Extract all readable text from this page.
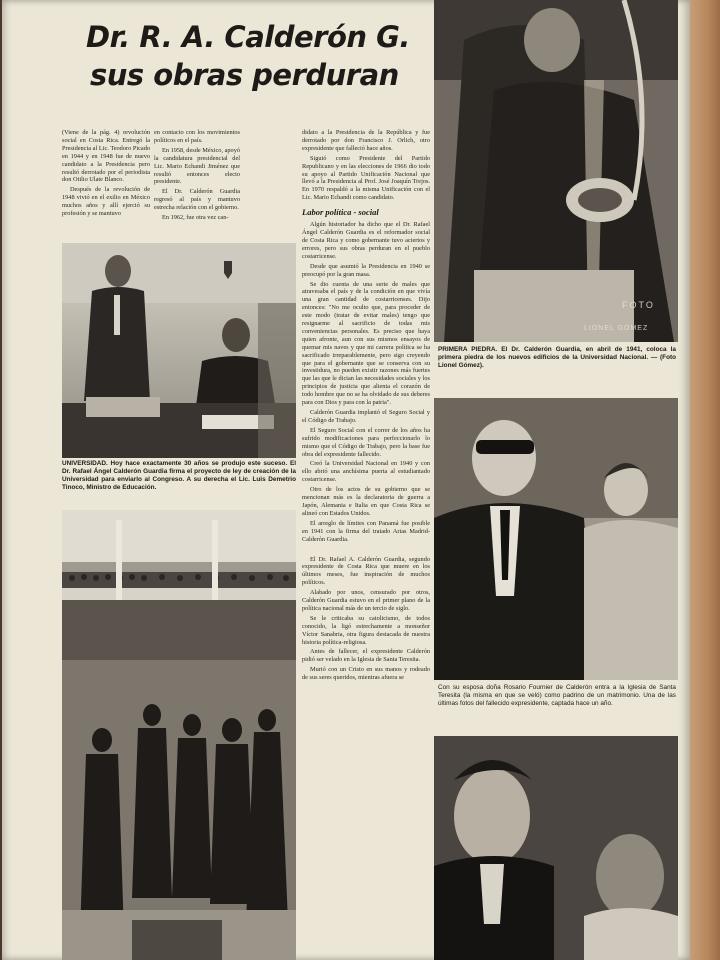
Dr. R. A. Calderón G.
sus obras perduran

(Viene de la pág. 4) revolución social en Costa Rica. Entregó la Presidencia al Lic. Teodoro Picado en 1944 y en 1948 fue de nuevo candidato a la Presidencia pero resultó derrotado por el periodista don Otilio Ulate Blanco.

Después de la revolución de 1948 vivió en el exilio en México muchos años y allí ejerció su profesión y se mantuvo

en contacto con los movimientos políticos en el país.

En 1958, desde México, apoyó la candidatura presidencial del Lic. Mario Echandi Jiménez que resultó entonces electo presidente.

El Dr. Calderón Guardia regresó al país y mantuvo estrecha relación con el gobierno.

En 1962, fue otra vez can-

didato a la Presidencia de la República y fue derrotado por don Francisco J. Orlich, otro expresidente que falleció hace años.

Siguió como Presidente del Partido Republicano y en las elecciones de 1966 dio todo su apoyo al Partido Unificación Nacional que llevó a la Presidencia al Prof. José Joaquín Trejos. En 1970 respaldó a la misma Unificación con el Lic. Mario Echandi como candidato.

Labor política - social

Algún historiador ha dicho que el Dr. Rafael Ángel Calderón Guardia es el reformador social de Costa Rica y como gobernante tuvo aciertos y errores, pero sus obras perduran en el pueblo costarricense.

Desde que asumió la Presidencia en 1940 se preocupó por la gran masa.

Se dio cuenta de una serie de males que atravesaba el país y de la condición en que vivía una gran cantidad de costarricenses. Dijo entonces: "No me oculto que, para proceder de este modo (tratar de evitar males) tengo que resignarme al sacrificio de todas mis conveniencias personales. Es preciso que haya quien afronte, aun con sus mismos ensayos de quemar mis naves y que mi carrera política se ha sacrificado irreparablemente, pero sigo creyendo que para el gobernante que se conserva con su investidura, no pueden existir razones más fuertes que las que le dictan las necesidades sociales y los principios de justicia que alienta el corazón de todo hombre que no se ha olvidado de sus deberes para con Dios y para con la patria".

Calderón Guardia implantó el Seguro Social y el Código de Trabajo.

El Seguro Social con el correr de los años ha sufrido modificaciones para perfeccionarlo lo mismo que el Código de Trabajo, pero la base fue obra del expresidente fallecido.

Creó la Universidad Nacional en 1940 y con ello abrió una anchísima puerta al estudiantado costarricense.

Otro de los actos de su gobierno que se mencionan más es la declaratoria de guerra a Japón, Alemania e Italia en que Costa Rica se alineó con Estados Unidos.

El arreglo de límites con Panamá fue posible en 1941 con la firma del tratado Arias Madrid-Calderón Guardia.

El Dr. Rafael A. Calderón Guardia, segundo expresidente de Costa Rica que muere en los últimos meses, fue inspiración de muchos políticos.

Alabado por unos, censurado por otros, Calderón Guardia estuvo en el primer plano de la política nacional más de un tercio de siglo.

Se le criticaba su catolicismo, de todos conocido, la ligó estrechamente a monseñor Víctor Sanabria, otra figura destacada de nuestra historia política-religiosa.

Antes de fallecer, el expresidente Calderón pidió ser velado en la Iglesia de Santa Teresita.

Murió con un Cristo en sus manos y rodeado de sus seres queridos, mientras afuera se

UNIVERSIDAD. Hoy hace exactamente 30 años se produjo este suceso. El Dr. Rafael Ángel Calderón Guardia firma el proyecto de ley de creación de la Universidad para enviarlo al Congreso. A su derecha el Lic. Luis Demetrio Tinoco, Ministro de Educación.
FOTO
LIONEL GOMEZ
PRIMERA PIEDRA. El Dr. Calderón Guardia, en abril de 1941, coloca la primera piedra de los nuevos edificios de la Universidad Nacional. — (Foto Lionel Gómez).
Con su esposa doña Rosario Fournier de Calderón entra a la Iglesia de Santa Teresita (la misma en que se veló) como padrino de un matrimonio. Una de las últimas fotos del fallecido expresidente, captada hace un año.
